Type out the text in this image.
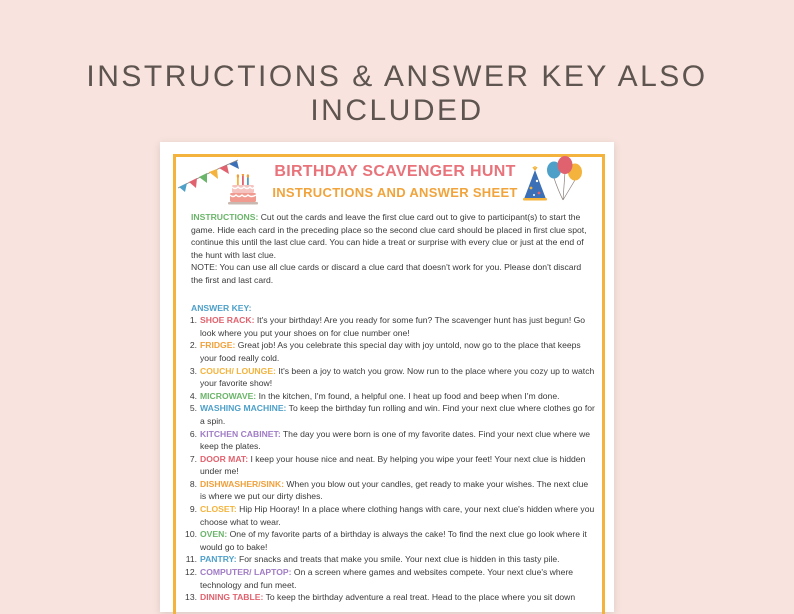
INSTRUCTIONS & ANSWER KEY ALSO INCLUDED
BIRTHDAY SCAVENGER HUNT
INSTRUCTIONS AND ANSWER SHEET

INSTRUCTIONS: Cut out the cards and leave the first clue card out to give to participant(s) to start the game. Hide each card in the preceding place so the second clue card should be placed in first clue spot, continue this until the last clue card. You can hide a treat or surprise with every clue or just at the end of the hunt with last clue.

NOTE: You can use all clue cards or discard a clue card that doesn't work for you. Please don't discard the first and last card.

ANSWER KEY:
1. SHOE RACK: It's your birthday! Are you ready for some fun? The scavenger hunt has just begun! Go look where you put your shoes on for clue number one!
2. FRIDGE: Great job! As you celebrate this special day with joy untold, now go to the place that keeps your food really cold.
3. COUCH/ LOUNGE: It's been a joy to watch you grow. Now run to the place where you cozy up to watch your favorite show!
4. MICROWAVE: In the kitchen, I'm found, a helpful one. I heat up food and beep when I'm done.
5. WASHING MACHINE: To keep the birthday fun rolling and win. Find your next clue where clothes go for a spin.
6. KITCHEN CABINET: The day you were born is one of my favorite dates. Find your next clue where we keep the plates.
7. DOOR MAT: I keep your house nice and neat. By helping you wipe your feet! Your next clue is hidden under me!
8. DISHWASHER/SINK: When you blow out your candles, get ready to make your wishes. The next clue is where we put our dirty dishes.
9. CLOSET: Hip Hip Hooray! In a place where clothing hangs with care, your next clue's hidden where you choose what to wear.
10. OVEN: One of my favorite parts of a birthday is always the cake! To find the next clue go look where it would go to bake!
11. PANTRY: For snacks and treats that make you smile. Your next clue is hidden in this tasty pile.
12. COMPUTER/ LAPTOP: On a screen where games and websites compete. Your next clue's where technology and fun meet.
13. DINING TABLE: To keep the birthday adventure a real treat. Head to the place where you sit down
